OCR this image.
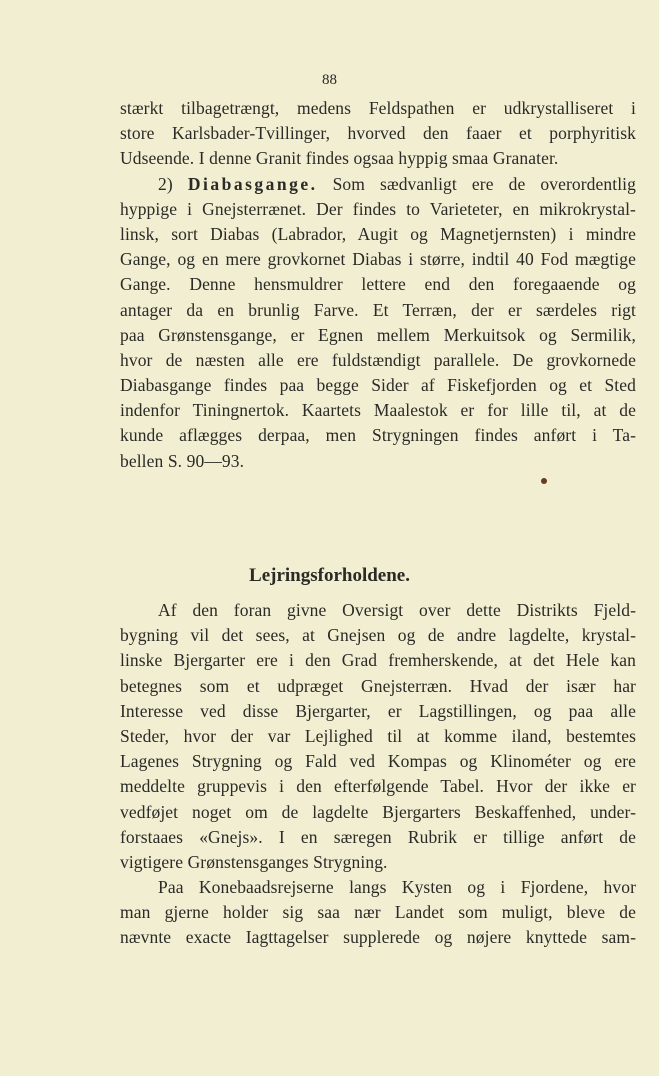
88
stærkt tilbagetrængt, medens Feldspathen er udkrystalliseret i
store Karlsbader-Tvillinger, hvorved den faaer et porphyritisk
Udseende. I denne Granit findes ogsaa hyppig smaa Granater.
2) Diabasgange. Som sædvanligt ere de overordentlig
hyppige i Gnejsterrænet. Der findes to Varieteter, en mikrokrystal-
linsk, sort Diabas (Labrador, Augit og Magnetjernsten) i mindre
Gange, og en mere grovkornet Diabas i større, indtil 40 Fod mægtige
Gange. Denne hensmuldrer lettere end den foregaaende og
antager da en brunlig Farve. Et Terræn, der er særdeles rigt
paa Grønstensgange, er Egnen mellem Merkuitsok og Sermilik,
hvor de næsten alle ere fuldstændigt parallele. De grovkornede
Diabasgange findes paa begge Sider af Fiskefjorden og et Sted
indenfor Tiningnertok. Kaartets Maalestok er for lille til, at de
kunde aflægges derpaa, men Strygningen findes anført i Ta-
bellen S. 90—93.
Lejringsforholdene.
Af den foran givne Oversigt over dette Distrikts Fjeld-
bygning vil det sees, at Gnejsen og de andre lagdelte, krystal-
linske Bjergarter ere i den Grad fremherskende, at det Hele kan
betegnes som et udpræget Gnejsterræn. Hvad der især har
Interesse ved disse Bjergarter, er Lagstillingen, og paa alle
Steder, hvor der var Lejlighed til at komme iland, bestemtes
Lagenes Strygning og Fald ved Kompas og Klinométer og ere
meddelte gruppevis i den efterfølgende Tabel. Hvor der ikke er
vedføjet noget om de lagdelte Bjergarters Beskaffenhed, under-
forstaaes «Gnejs». I en særegen Rubrik er tillige anført de
vigtigere Grønstensganges Strygning.
Paa Konebaadsrejserne langs Kysten og i Fjordene, hvor
man gjerne holder sig saa nær Landet som muligt, bleve de
nævnte exacte Iagttagelser supplerede og nøjere knyttede sam-
